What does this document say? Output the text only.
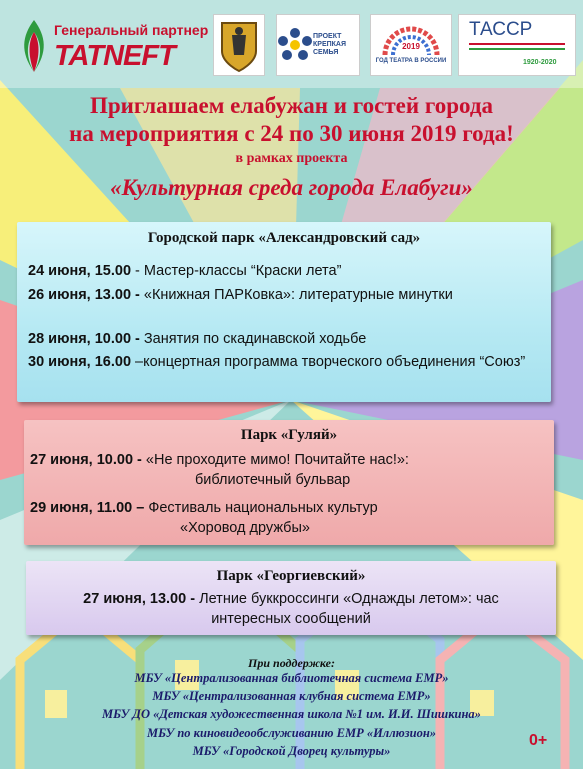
Генеральный партнер
TATNEFT
ПРОЕКТ КРЕПКАЯ СЕМЬЯ
2019
ГОД ТЕАТРА В РОССИИ
ТАССР
1920-2020
Приглашаем елабужан и гостей города
на мероприятия с 24 по 30 июня 2019 года!
в рамках проекта
«Культурная среда города Елабуги»
Городской парк «Александровский сад»
24 июня, 15.00 - Мастер-классы “Краски лета”
26 июня, 13.00 - «Книжная ПАРКовка»: литературные минутки
28 июня, 10.00 - Занятия по скадинавской ходьбе
30 июня, 16.00 –концертная программа творческого объединения “Союз”
Парк «Гуляй»
27 июня, 10.00 - «Не проходите мимо! Почитайте нас!»:
библиотечный бульвар
29 июня, 11.00 – Фестиваль национальных культур
«Хоровод дружбы»
Парк «Георгиевский»
27 июня, 13.00 - Летние буккроссинги «Однажды летом»: час
интересных сообщений
При поддержке:
МБУ «Централизованная библиотечная система ЕМР»
МБУ «Централизованная клубная система ЕМР»
МБУ ДО «Детская художественная школа №1 им. И.И. Шишкина»
МБУ по киновидеообслуживанию ЕМР «Иллюзион»
МБУ «Городской Дворец культуры»
0+
